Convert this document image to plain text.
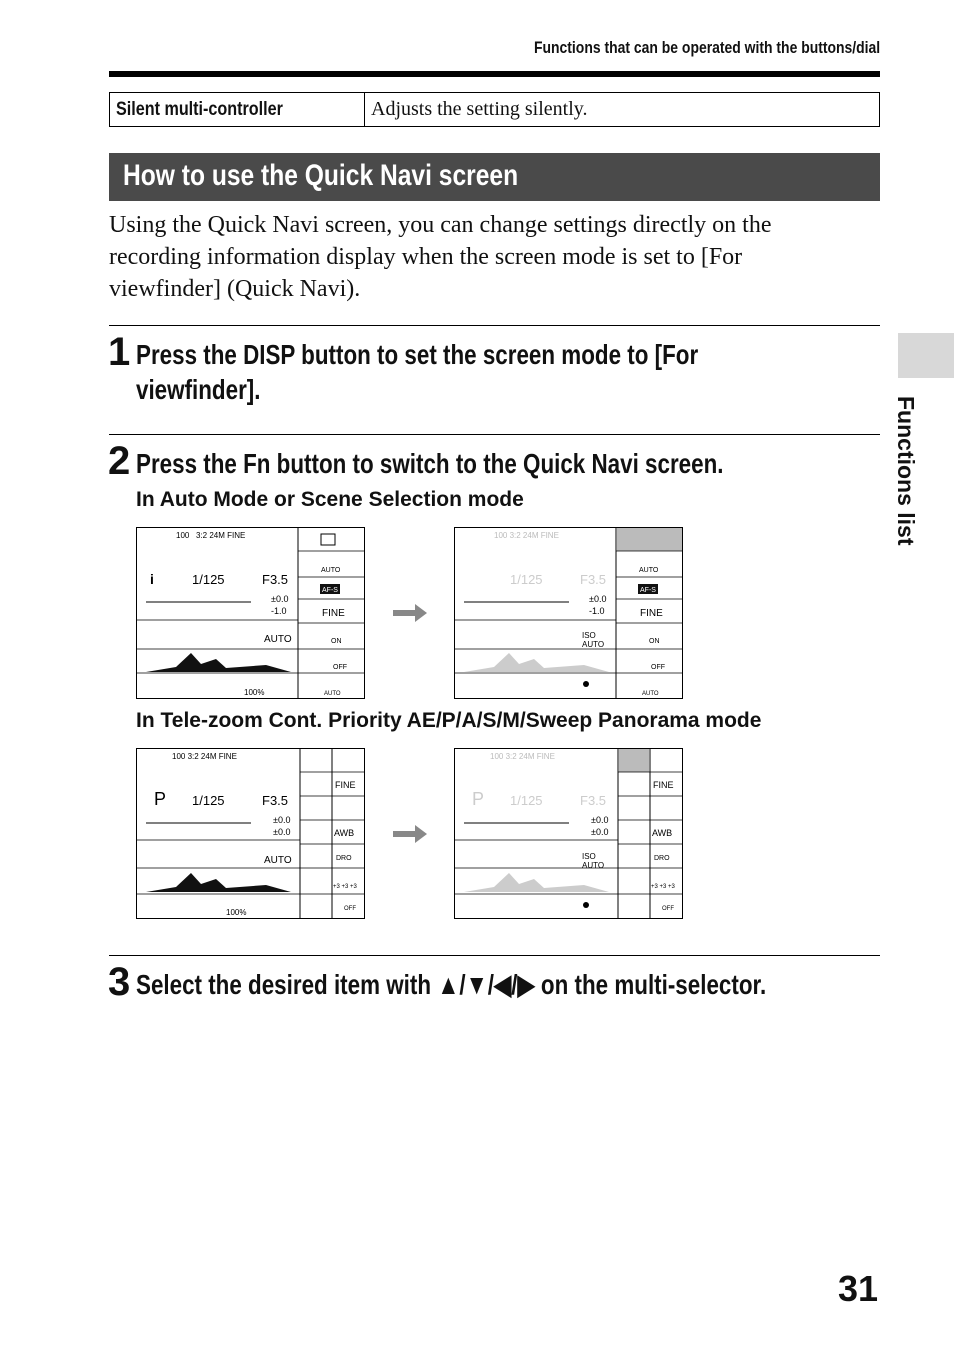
Functions that can be operated with the buttons/dial
Silent multi-controller	Adjusts the setting silently.
How to use the Quick Navi screen
Using the Quick Navi screen, you can change settings directly on the recording information display when the screen mode is set to [For viewfinder] (Quick Navi).
1 Press the DISP button to set the screen mode to [For
viewfinder].
2 Press the Fn button to switch to the Quick Navi screen.
In Auto Mode or Scene Selection mode
100 3:2 24M FINE
i	1/125	F3.5
±0.0
-1.0
AUTO
100%
AUTO
AF-S
FINE
ON
OFF
AUTO
100 3:2 24M FINE
1/125	F3.5
±0.0
-1.0
ISO
AUTO
AUTO
AF-S
FINE
ON
OFF
AUTO
In Tele-zoom Cont. Priority AE/P/A/S/M/Sweep Panorama mode
100 3:2 24M FINE
P 1/125	F3.5
±0.0
±0.0
AUTO
100%
FINE
AWB
DRO
+3 +3 +3
OFF
100 3:2 24M FINE
P 1/125	F3.5
±0.0
±0.0
ISO
AUTO
FINE
AWB
DRO
+3 +3 +3
OFF
3 Select the desired item with ▲/▼/◀/▶ on the multi-selector.
Functions list
31
